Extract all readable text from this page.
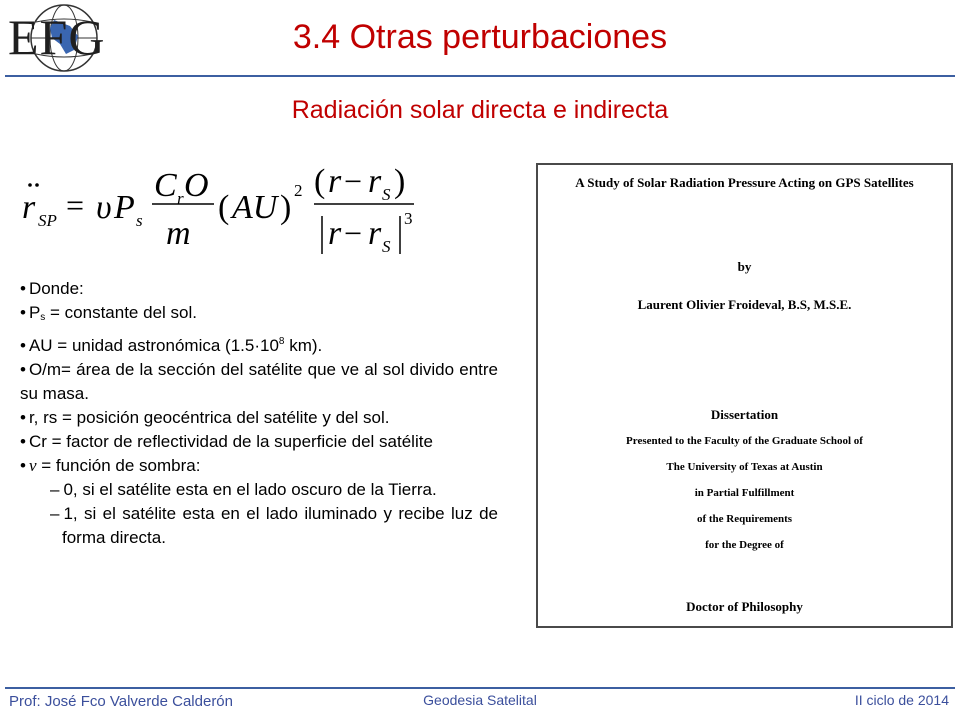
EFG	3.4 Otras perturbaciones
Radiación solar directa e indirecta
r SP = υ P s
C r O
m
( AU ) 2 ( r − r S )
r − r S
3

• Donde:

• $P_s$ = constante del sol.

• AU = unidad astronómica ($1.5\cdot 10^8$ km).

• O/m= área de la sección del satélite que ve al sol divido entre su masa.

• r, rs = posición geocéntrica del satélite y del sol.

• Cr = factor de reflectividad de la superficie del satélite

• ν = función de sombra:

– 0, si el satélite esta en el lado oscuro de la Tierra.

– 1, si el satélite esta en el lado iluminado y recibe luz de forma directa.

A Study of Solar Radiation Pressure Acting on GPS Satellites
by
Laurent Olivier Froideval, B.S, M.S.E.
Dissertation
Presented to the Faculty of the Graduate School of
The University of Texas at Austin
in Partial Fulfillment
of the Requirements
for the Degree of
Doctor of Philosophy
Prof: José Fco Valverde Calderón	Geodesia Satelital	II ciclo de 2014
